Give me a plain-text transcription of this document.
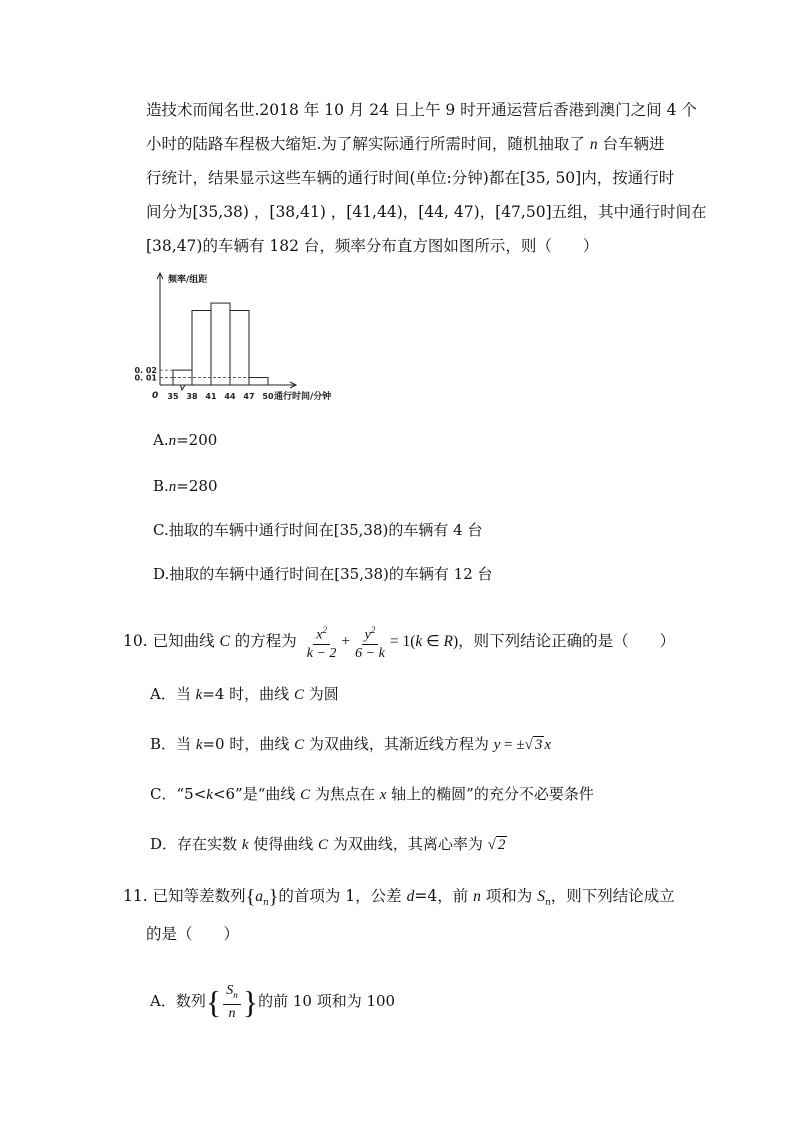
造技术而闻名世.2018 年 10 月 24 日上午 9 时开通运营后香港到澳门之间 4 个
小时的陆路车程极大缩矩.为了解实际通行所需时间，随机抽取了 n 台车辆进
行统计，结果显示这些车辆的通行时间(单位:分钟)都在[35, 50]内，按通行时
间分为[35,38) ，[38,41) ，[41,44)，[44, 47)，[47,50]五组，其中通行时间在
[38,47)的车辆有 182 台，频率分布直方图如图所示，则（　　）
频率/组距
0
0. 02
0. 01
35 38 41 44 47 50 通行时间/分钟
A.n=200
B.n=280
C.抽取的车辆中通行时间在[35,38)的车辆有 4 台
D.抽取的车辆中通行时间在[35,38)的车辆有 12 台
10. 已知曲线 C 的方程为 $\frac{x^2}{k - 2} + \frac{y^2}{6 - k} = 1(k$ ∈ R)，则下列结论正确的是（　　）
A．当 k=4 时，曲线 C 为圆
B．当 k=0 时，曲线 C 为双曲线，其渐近线方程为 y = ±√ 3 x
C．“5<k<6”是“曲线 C 为焦点在 x 轴上的椭圆”的充分不必要条件
D．存在实数 k 使得曲线 C 为双曲线，其离心率为 √ 2
11. 已知等差数列$\{a_n\}$的首项为 1，公差 d=4，前 n 项和为 $S_n$，则下列结论成立
的是（　　）
A．数列{ $\frac{S_n}{n}$ }的前 10 项和为 100
